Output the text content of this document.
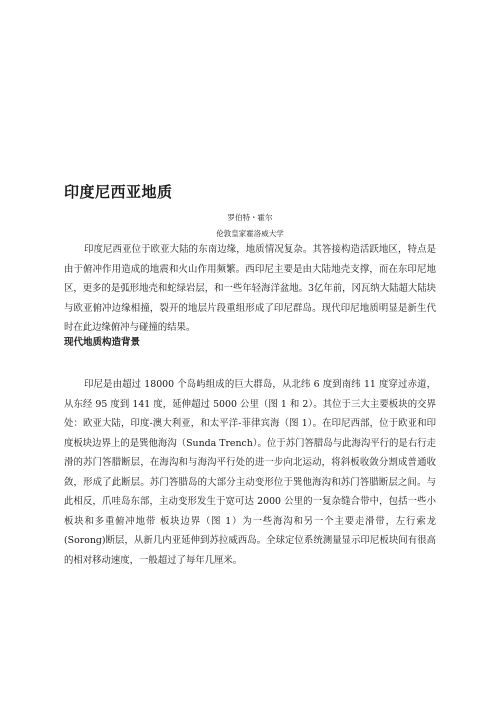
印度尼西亚地质

罗伯特・霍尔

伦敦皇家霍洛威大学

印度尼西亚位于欧亚大陆的东南边缘，地质情况复杂。其答接构造活跃地区，特点是由于俯冲作用造成的地震和火山作用频繁。西印尼主要是由大陆地壳支撑，而在东印尼地区，更多的是弧形地壳和蛇绿岩层，和一些年轻海洋盆地。3亿年前，冈瓦纳大陆超大陆块与欧亚俯冲边缘相撞，裂开的地层片段重组形成了印尼群岛。现代印尼地质明显是新生代时在此边缘俯冲与碰撞的结果。

现代地质构造背景

印尼是由超过 18000 个岛屿组成的巨大群岛，从北纬 6 度到南纬 11 度穿过赤道，从东经 95 度到 141 度，延伸超过 5000 公里（图 1 和 2）。其位于三大主要板块的交界处：欧亚大陆，印度-澳大利亚，和太平洋-菲律宾海（图 1）。在印尼西部，位于欧亚和印度板块边界上的是巽他海沟（Sunda Trench）。位于苏门答腊岛与此海沟平行的是右行走滑的苏门答腊断层，在海沟和与海沟平行处的进一步向北运动，将斜板收敛分割成普通收敛，形成了此断层。苏门答腊岛的大部分主动变形位于巽他海沟和苏门答腊断层之间。与此相反，爪哇岛东部，主动变形发生于宽可达 2000 公里的一复杂缝合带中，包括一些小板块和多重俯冲地带 板块边界（图 1）为一些海沟和另一个主要走滑带，左行索龙(Sorong)断层，从新几内亚延伸到苏拉威西岛。全球定位系统测量显示印尼板块间有很高的相对移动速度，一般超过了每年几厘米。
